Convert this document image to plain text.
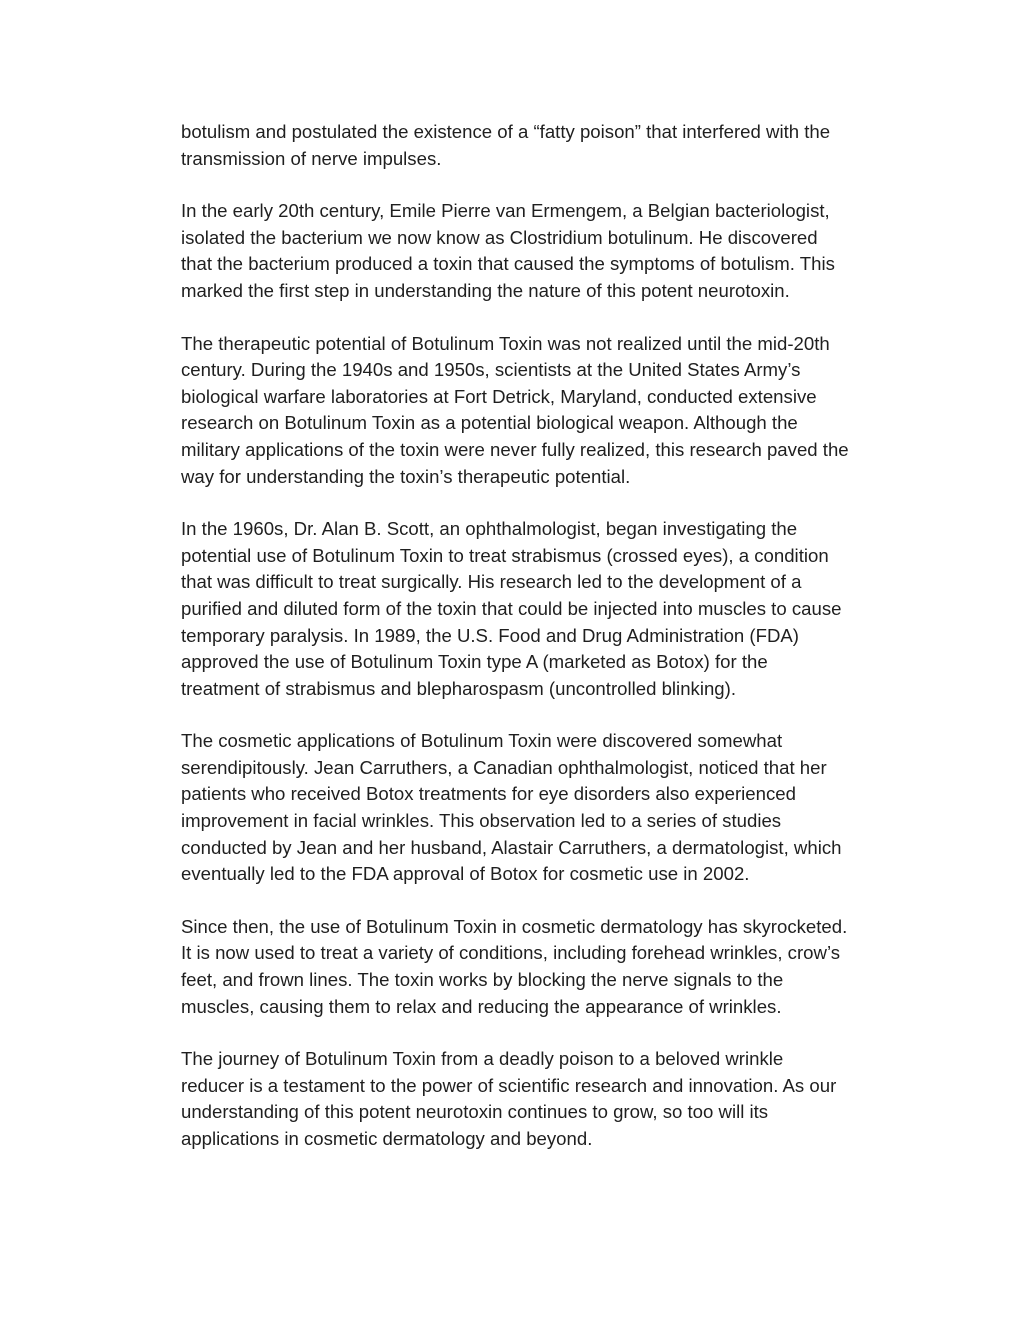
botulism and postulated the existence of a “fatty poison” that interfered with the
transmission of nerve impulses.

In the early 20th century, Emile Pierre van Ermengem, a Belgian bacteriologist,
isolated the bacterium we now know as Clostridium botulinum. He discovered
that the bacterium produced a toxin that caused the symptoms of botulism. This
marked the first step in understanding the nature of this potent neurotoxin.

The therapeutic potential of Botulinum Toxin was not realized until the mid-20th
century. During the 1940s and 1950s, scientists at the United States Army’s
biological warfare laboratories at Fort Detrick, Maryland, conducted extensive
research on Botulinum Toxin as a potential biological weapon. Although the
military applications of the toxin were never fully realized, this research paved the
way for understanding the toxin’s therapeutic potential.

In the 1960s, Dr. Alan B. Scott, an ophthalmologist, began investigating the
potential use of Botulinum Toxin to treat strabismus (crossed eyes), a condition
that was difficult to treat surgically. His research led to the development of a
purified and diluted form of the toxin that could be injected into muscles to cause
temporary paralysis. In 1989, the U.S. Food and Drug Administration (FDA)
approved the use of Botulinum Toxin type A (marketed as Botox) for the
treatment of strabismus and blepharospasm (uncontrolled blinking).

The cosmetic applications of Botulinum Toxin were discovered somewhat
serendipitously. Jean Carruthers, a Canadian ophthalmologist, noticed that her
patients who received Botox treatments for eye disorders also experienced
improvement in facial wrinkles. This observation led to a series of studies
conducted by Jean and her husband, Alastair Carruthers, a dermatologist, which
eventually led to the FDA approval of Botox for cosmetic use in 2002.

Since then, the use of Botulinum Toxin in cosmetic dermatology has skyrocketed.
It is now used to treat a variety of conditions, including forehead wrinkles, crow’s
feet, and frown lines. The toxin works by blocking the nerve signals to the
muscles, causing them to relax and reducing the appearance of wrinkles.

The journey of Botulinum Toxin from a deadly poison to a beloved wrinkle
reducer is a testament to the power of scientific research and innovation. As our
understanding of this potent neurotoxin continues to grow, so too will its
applications in cosmetic dermatology and beyond.
